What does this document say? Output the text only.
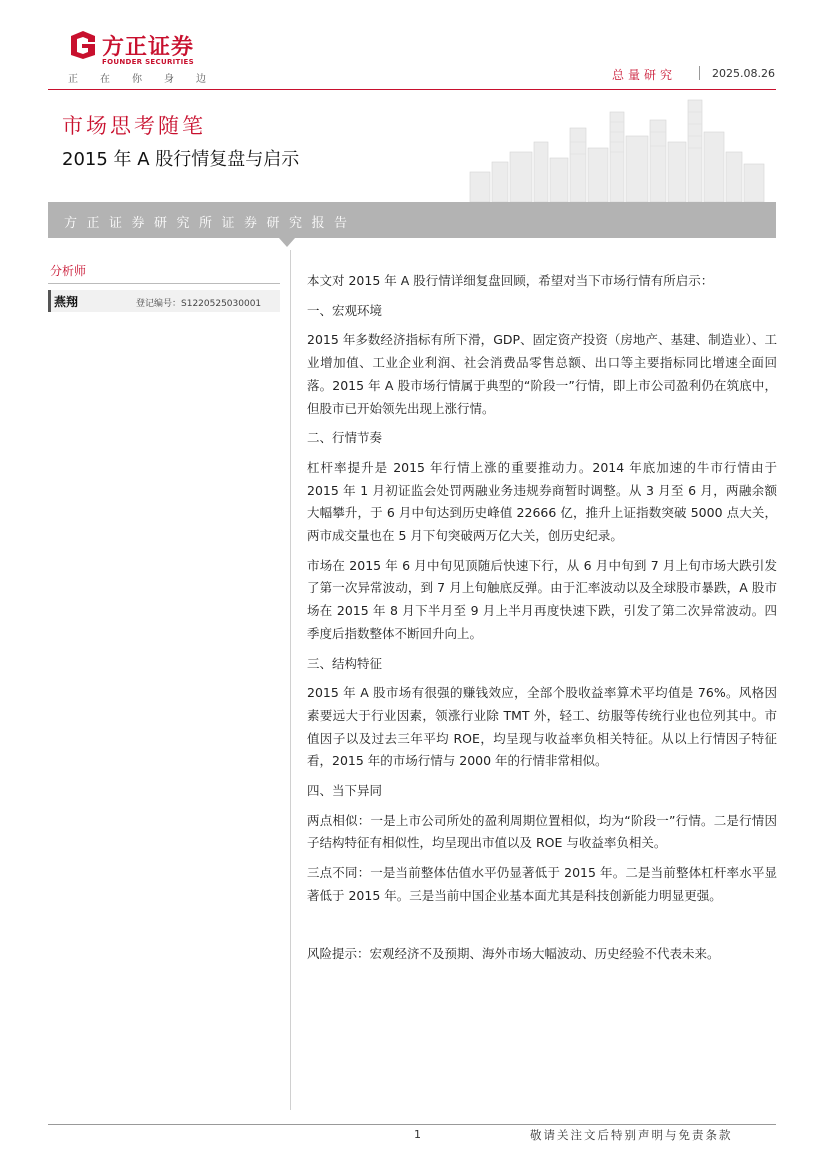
方正证券
FOUNDER SECURITIES
正在你身边	总量研究	2025.08.26
市场思考随笔
2015 年 A 股行情复盘与启示
方正证券研究所证券研究报告
分析师
燕翔	登记编号：S1220525030001

本文对 2015 年 A 股行情详细复盘回顾，希望对当下市场行情有所启示：

一、宏观环境

2015 年多数经济指标有所下滑，GDP、固定资产投资（房地产、基建、制造业）、工业增加值、工业企业利润、社会消费品零售总额、出口等主要指标同比增速全面回落。2015 年 A 股市场行情属于典型的“阶段一”行情，即上市公司盈利仍在筑底中，但股市已开始领先出现上涨行情。

二、行情节奏

杠杆率提升是 2015 年行情上涨的重要推动力。2014 年底加速的牛市行情由于 2015 年 1 月初证监会处罚两融业务违规券商暂时调整。从 3 月至 6 月，两融余额大幅攀升，于 6 月中旬达到历史峰值 22666 亿，推升上证指数突破 5000 点大关，两市成交量也在 5 月下旬突破两万亿大关，创历史纪录。

市场在 2015 年 6 月中旬见顶随后快速下行，从 6 月中旬到 7 月上旬市场大跌引发了第一次异常波动，到 7 月上旬触底反弹。由于汇率波动以及全球股市暴跌，A 股市场在 2015 年 8 月下半月至 9 月上半月再度快速下跌，引发了第二次异常波动。四季度后指数整体不断回升向上。

三、结构特征

2015 年 A 股市场有很强的赚钱效应，全部个股收益率算术平均值是 76%。风格因素要远大于行业因素，领涨行业除 TMT 外，轻工、纺服等传统行业也位列其中。市值因子以及过去三年平均 ROE，均呈现与收益率负相关特征。从以上行情因子特征看，2015 年的市场行情与 2000 年的行情非常相似。

四、当下异同

两点相似：一是上市公司所处的盈利周期位置相似，均为“阶段一”行情。二是行情因子结构特征有相似性，均呈现出市值以及 ROE 与收益率负相关。

三点不同：一是当前整体估值水平仍显著低于 2015 年。二是当前整体杠杆率水平显著低于 2015 年。三是当前中国企业基本面尤其是科技创新能力明显更强。

风险提示：宏观经济不及预期、海外市场大幅波动、历史经验不代表未来。

1	敬请关注文后特别声明与免责条款
